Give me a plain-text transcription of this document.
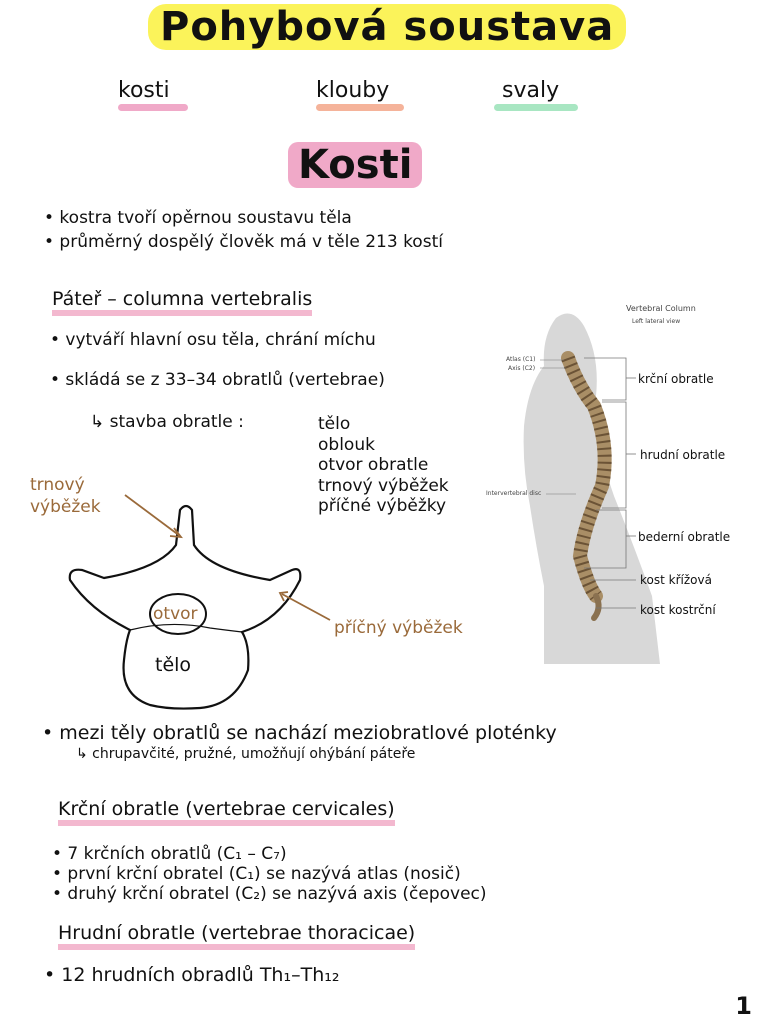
Pohybová soustava
kosti	klouby	svaly
Kosti
• kostra tvoří opěrnou soustavu těla
• průměrný dospělý člověk má v těle 213 kostí
Páteř – columna vertebralis
• vytváří hlavní osu těla, chrání míchu
• skládá se z 33–34 obratlů (vertebrae)
↳ stavba obratle :	tělo
oblouk
otvor obratle
trnový výběžek
příčné výběžky
trnový
výběžek
otvor
tělo
příčný výběžek
Vertebral Column
Left lateral view
Atlas (C1)
Axis (C2)
Intervertebral disc
krční obratle
hrudní obratle
bederní obratle
kost křížová
kost kostrční
• mezi těly obratlů se nachází meziobratlové ploténky
↳ chrupavčité, pružné, umožňují ohýbání páteře
Krční obratle (vertebrae cervicales)
• 7 krčních obratlů (C₁ – C₇)
• první krční obratel (C₁) se nazývá atlas (nosič)
• druhý krční obratel (C₂) se nazývá axis (čepovec)
Hrudní obratle (vertebrae thoracicae)
• 12 hrudních obradlů Th₁–Th₁₂
1
